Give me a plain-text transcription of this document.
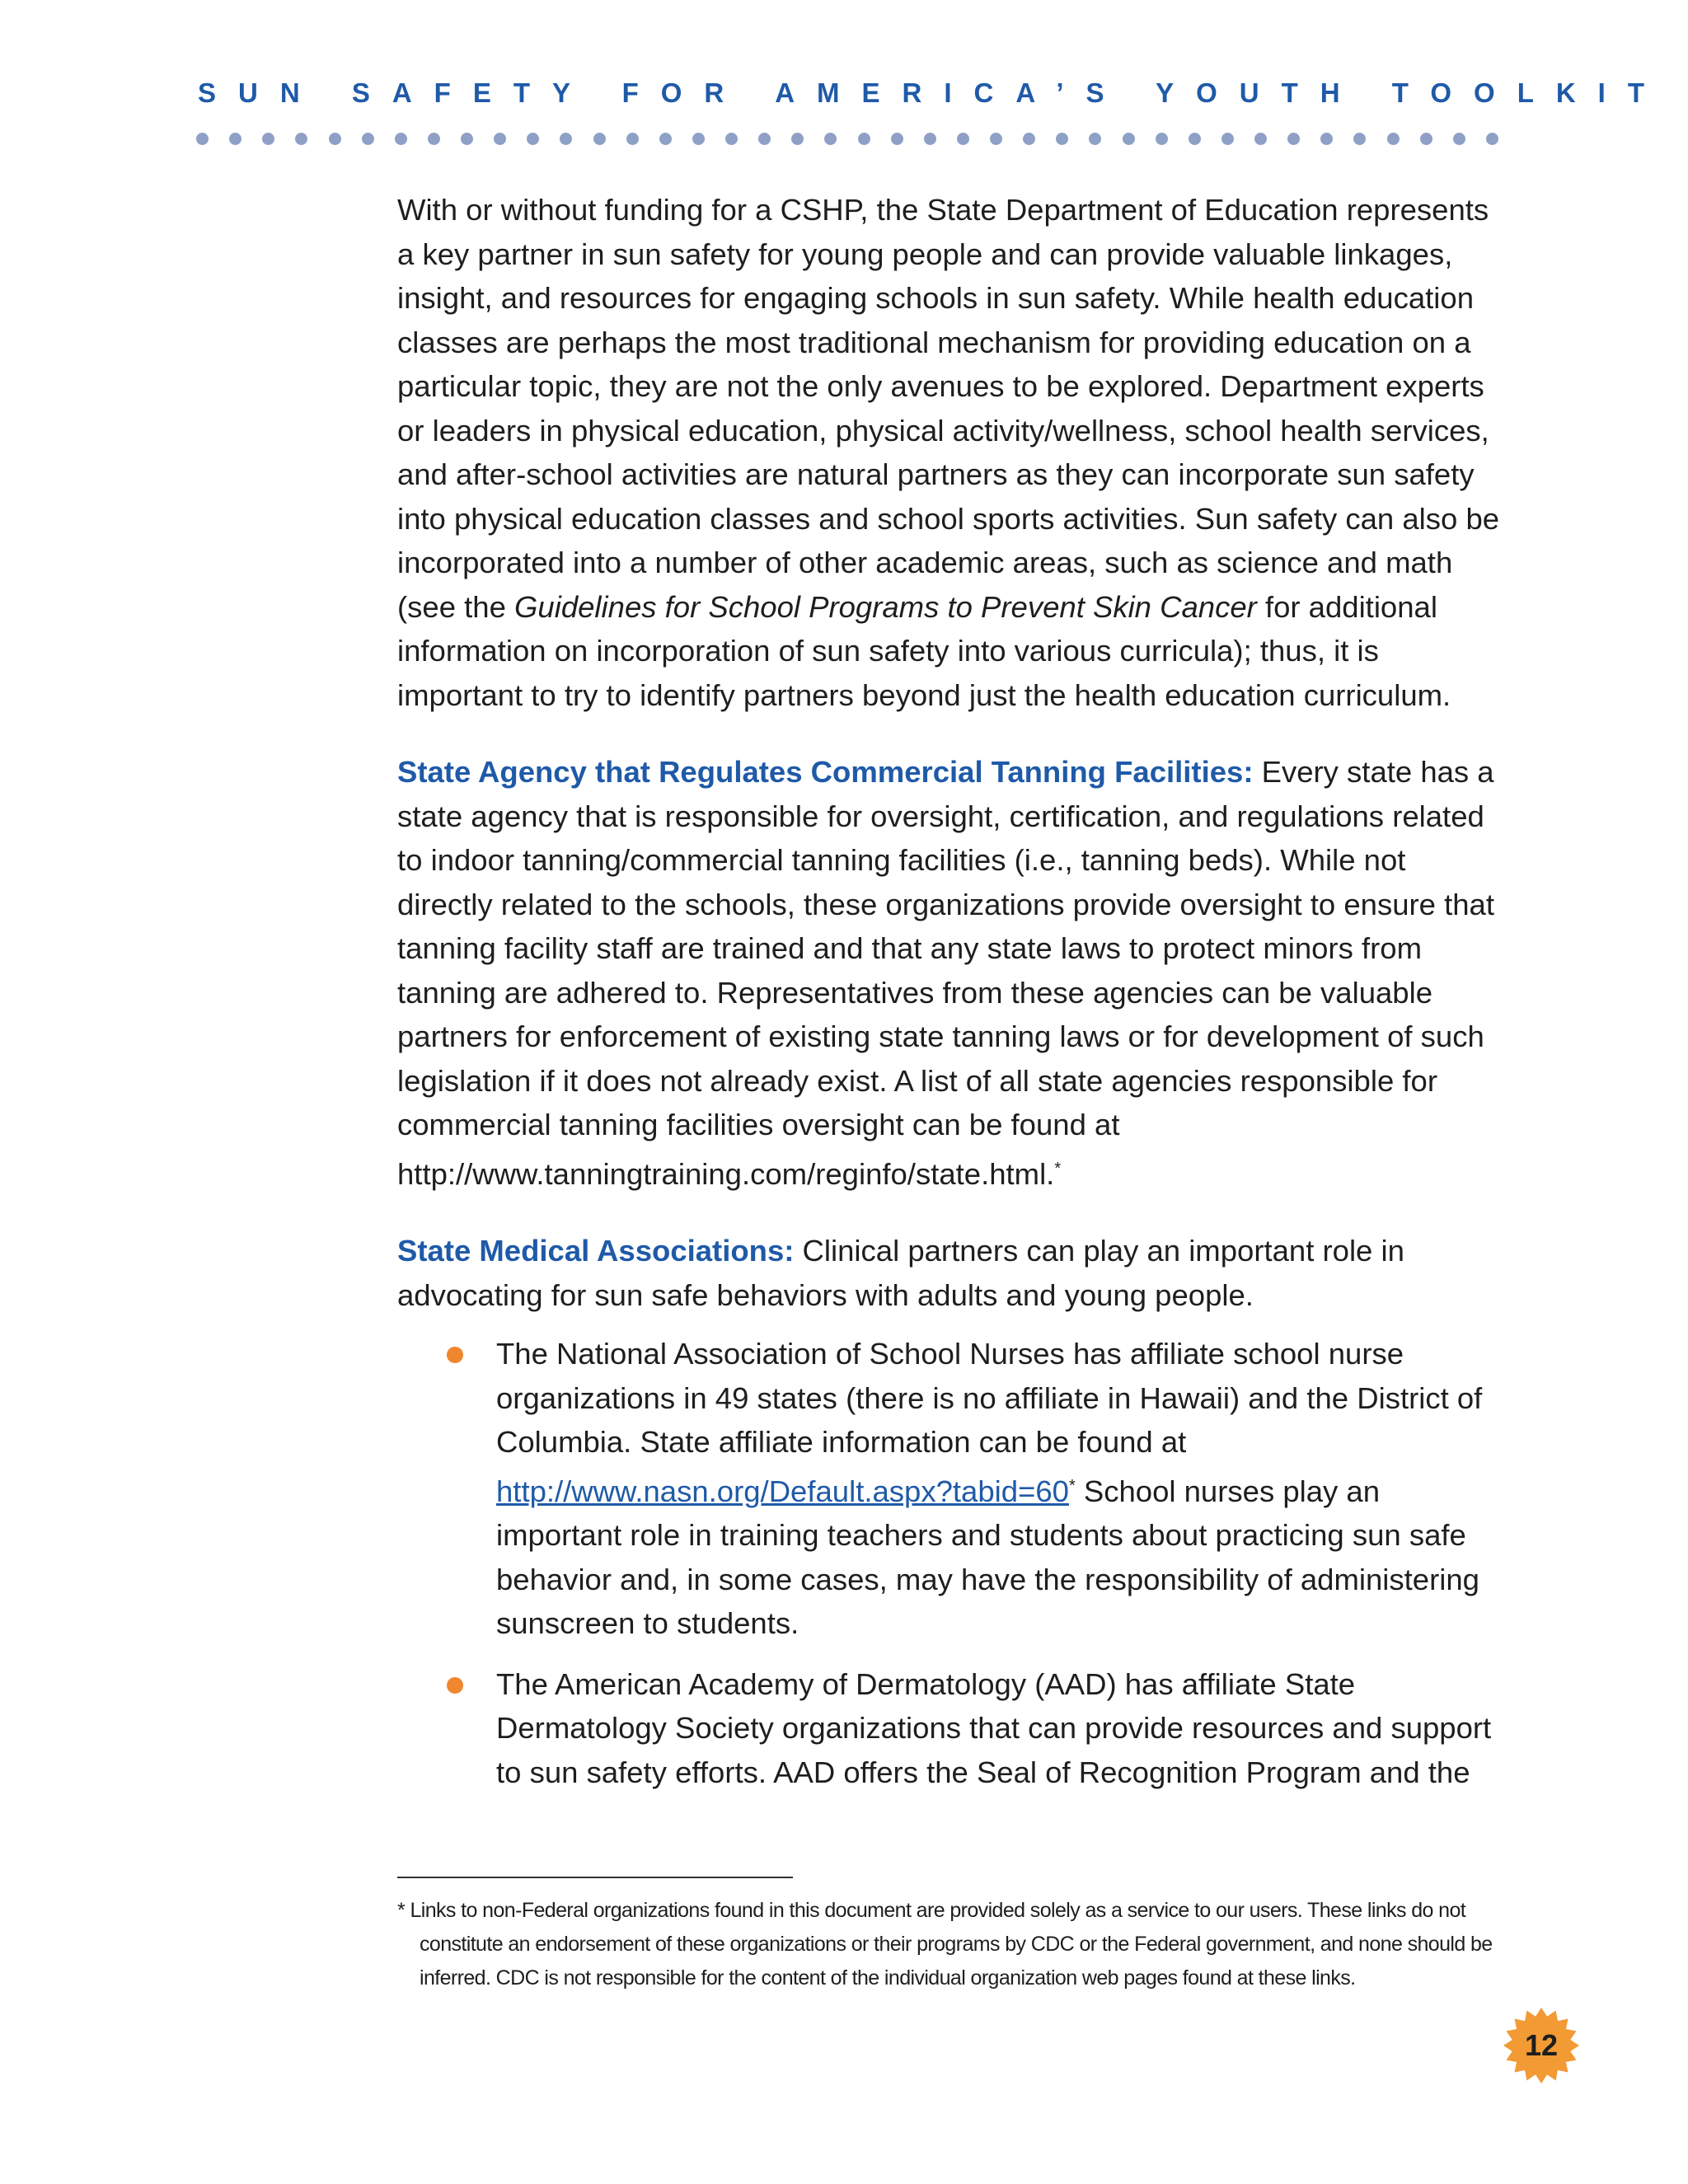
SUN SAFETY FOR AMERICA’S YOUTH TOOLKIT

With or without funding for a CSHP, the State Department of Education represents a key partner in sun safety for young people and can provide valuable linkages, insight, and resources for engaging schools in sun safety. While health education classes are perhaps the most traditional mechanism for providing education on a particular topic, they are not the only avenues to be explored. Department experts or leaders in physical education, physical activity/wellness, school health services, and after-school activities are natural partners as they can incorporate sun safety into physical education classes and school sports activities. Sun safety can also be incorporated into a number of other academic areas, such as science and math (see the Guidelines for School Programs to Prevent Skin Cancer for additional information on incorporation of sun safety into various curricula); thus, it is important to try to identify partners beyond just the health education curriculum.

State Agency that Regulates Commercial Tanning Facilities: Every state has a state agency that is responsible for oversight, certification, and regulations related to indoor tanning/commercial tanning facilities (i.e., tanning beds). While not directly related to the schools, these organizations provide oversight to ensure that tanning facility staff are trained and that any state laws to protect minors from tanning are adhered to. Representatives from these agencies can be valuable partners for enforcement of existing state tanning laws or for development of such legislation if it does not already exist. A list of all state agencies responsible for commercial tanning facilities oversight can be found at http://www.tanningtraining.com/reginfo/state.html.*

State Medical Associations: Clinical partners can play an important role in advocating for sun safe behaviors with adults and young people.

The National Association of School Nurses has affiliate school nurse organizations in 49 states (there is no affiliate in Hawaii) and the District of Columbia. State affiliate information can be found at http://www.nasn.org/Default.aspx?tabid=60* School nurses play an important role in training teachers and students about practicing sun safe behavior and, in some cases, may have the responsibility of administering sunscreen to students.
The American Academy of Dermatology (AAD) has affiliate State Dermatology Society organizations that can provide resources and support to sun safety efforts. AAD offers the Seal of Recognition Program and the
* Links to non-Federal organizations found in this document are provided solely as a service to our users. These links do not constitute an endorsement of these organizations or their programs by CDC or the Federal government, and none should be inferred. CDC is not responsible for the content of the individual organization web pages found at these links.
12
